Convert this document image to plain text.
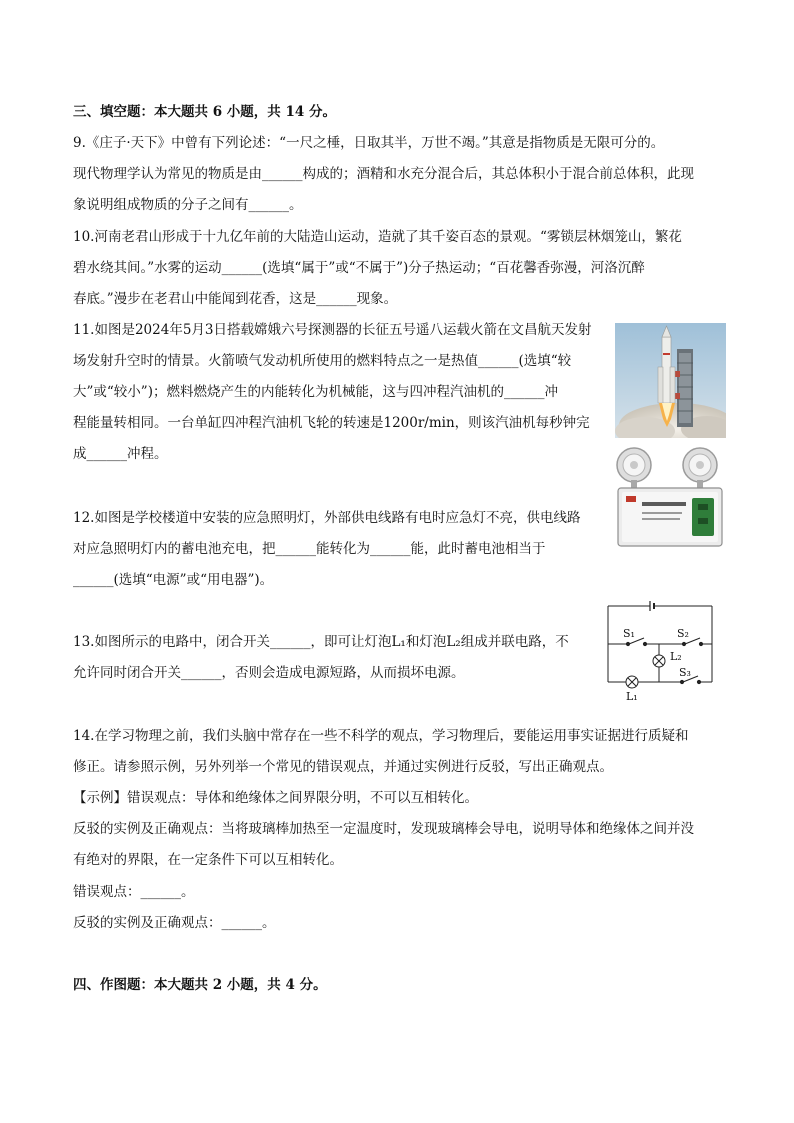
三、填空题：本大题共 6 小题，共 14 分。
9.《庄子·天下》中曾有下列论述：“一尺之棰，日取其半，万世不竭。”其意是指物质是无限可分的。
现代物理学认为常见的物质是由______构成的；酒精和水充分混合后，其总体积小于混合前总体积，此现
象说明组成物质的分子之间有______。
10.河南老君山形成于十九亿年前的大陆造山运动，造就了其千姿百态的景观。“雾锁层林烟笼山，繁花
碧水绕其间。”水雾的运动______(选填“属于”或“不属于”)分子热运动；“百花馨香弥漫，河洛沉醉
春底。”漫步在老君山中能闻到花香，这是______现象。
11.如图是2024年5月3日搭载嫦娥六号探测器的长征五号遥八运载火箭在文昌航天发射
场发射升空时的情景。火箭喷气发动机所使用的燃料特点之一是热值______(选填“较
大”或“较小”)；燃料燃烧产生的内能转化为机械能，这与四冲程汽油机的______冲
程能量转相同。一台单缸四冲程汽油机飞轮的转速是1200r/min，则该汽油机每秒钟完
成______冲程。
12.如图是学校楼道中安装的应急照明灯，外部供电线路有电时应急灯不亮，供电线路
对应急照明灯内的蓄电池充电，把______能转化为______能，此时蓄电池相当于
______(选填“电源”或“用电器”)。
13.如图所示的电路中，闭合开关______，即可让灯泡L₁和灯泡L₂组成并联电路，不
允许同时闭合开关______，否则会造成电源短路，从而损坏电源。
14.在学习物理之前，我们头脑中常存在一些不科学的观点，学习物理后，要能运用事实证据进行质疑和
修正。请参照示例，另外列举一个常见的错误观点，并通过实例进行反驳，写出正确观点。
【示例】错误观点：导体和绝缘体之间界限分明，不可以互相转化。
反驳的实例及正确观点：当将玻璃棒加热至一定温度时，发现玻璃棒会导电，说明导体和绝缘体之间并没
有绝对的界限，在一定条件下可以互相转化。
错误观点：______。
反驳的实例及正确观点：______。
四、作图题：本大题共 2 小题，共 4 分。
S₁	S₂
L₂
S₃
L₁
